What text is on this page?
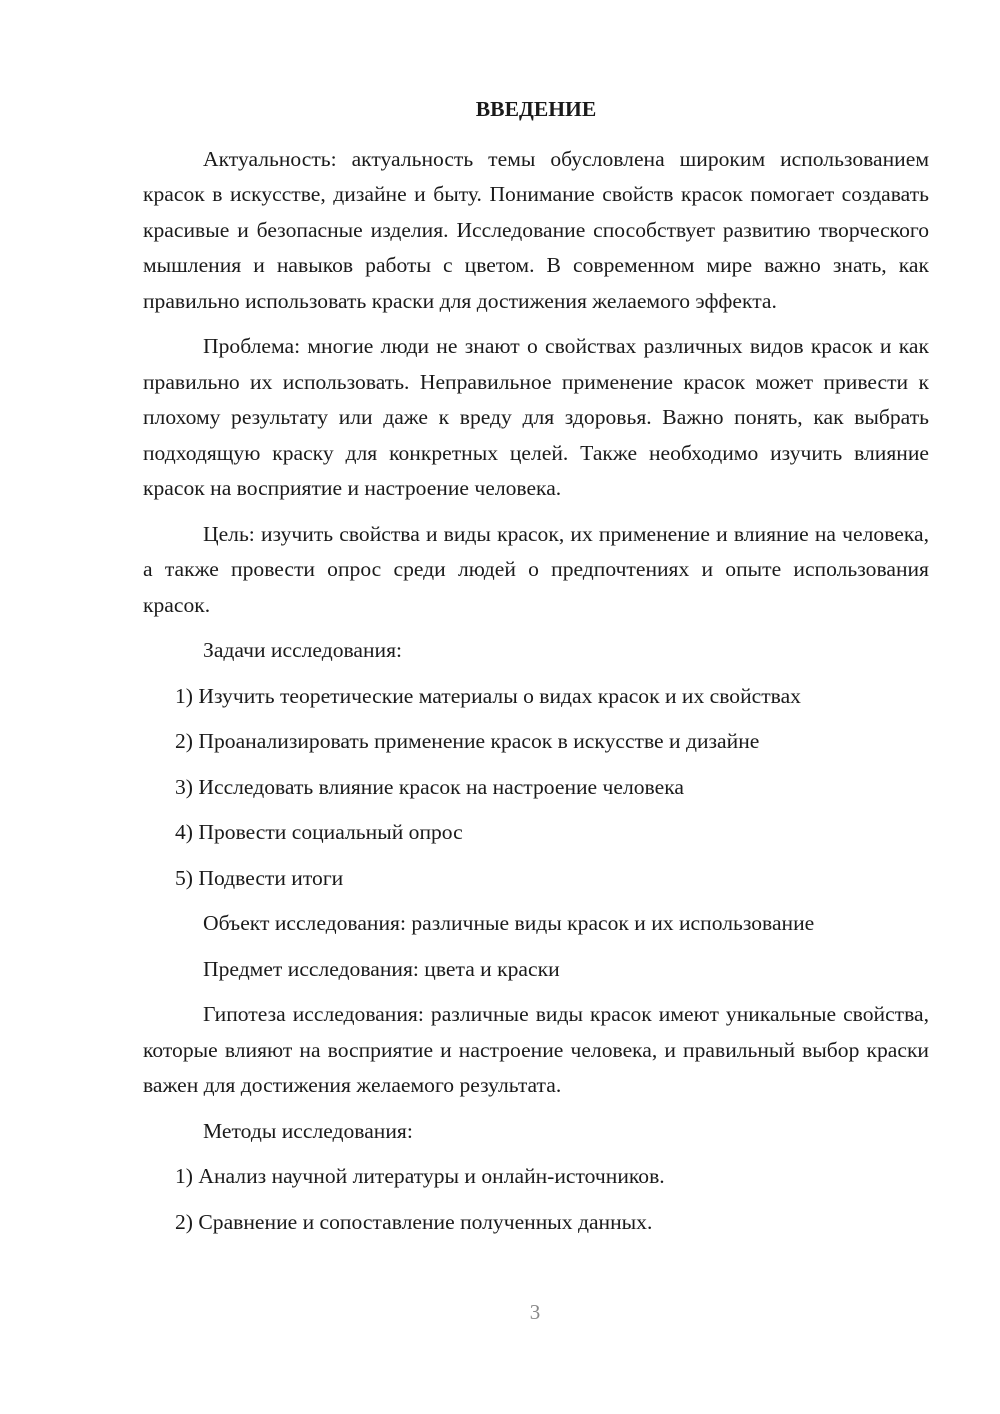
ВВЕДЕНИЕ

Актуальность: актуальность темы обусловлена широким использованием красок в искусстве, дизайне и быту. Понимание свойств красок помогает создавать красивые и безопасные изделия. Исследование способствует развитию творческого мышления и навыков работы с цветом. В современном мире важно знать, как правильно использовать краски для достижения желаемого эффекта.

Проблема: многие люди не знают о свойствах различных видов красок и как правильно их использовать. Неправильное применение красок может привести к плохому результату или даже к вреду для здоровья. Важно понять, как выбрать подходящую краску для конкретных целей. Также необходимо изучить влияние красок на восприятие и настроение человека.

Цель: изучить свойства и виды красок, их применение и влияние на человека, а также провести опрос среди людей о предпочтениях и опыте использования красок.

Задачи исследования:

1) Изучить теоретические материалы о видах красок и их свойствах

2) Проанализировать применение красок в искусстве и дизайне

3) Исследовать влияние красок на настроение человека

4) Провести социальный опрос

5) Подвести итоги

Объект исследования: различные виды красок и их использование

Предмет исследования: цвета и краски

Гипотеза исследования: различные виды красок имеют уникальные свойства, которые влияют на восприятие и настроение человека, и правильный выбор краски важен для достижения желаемого результата.

Методы исследования:

1) Анализ научной литературы и онлайн-источников.

2) Сравнение и сопоставление полученных данных.

3
